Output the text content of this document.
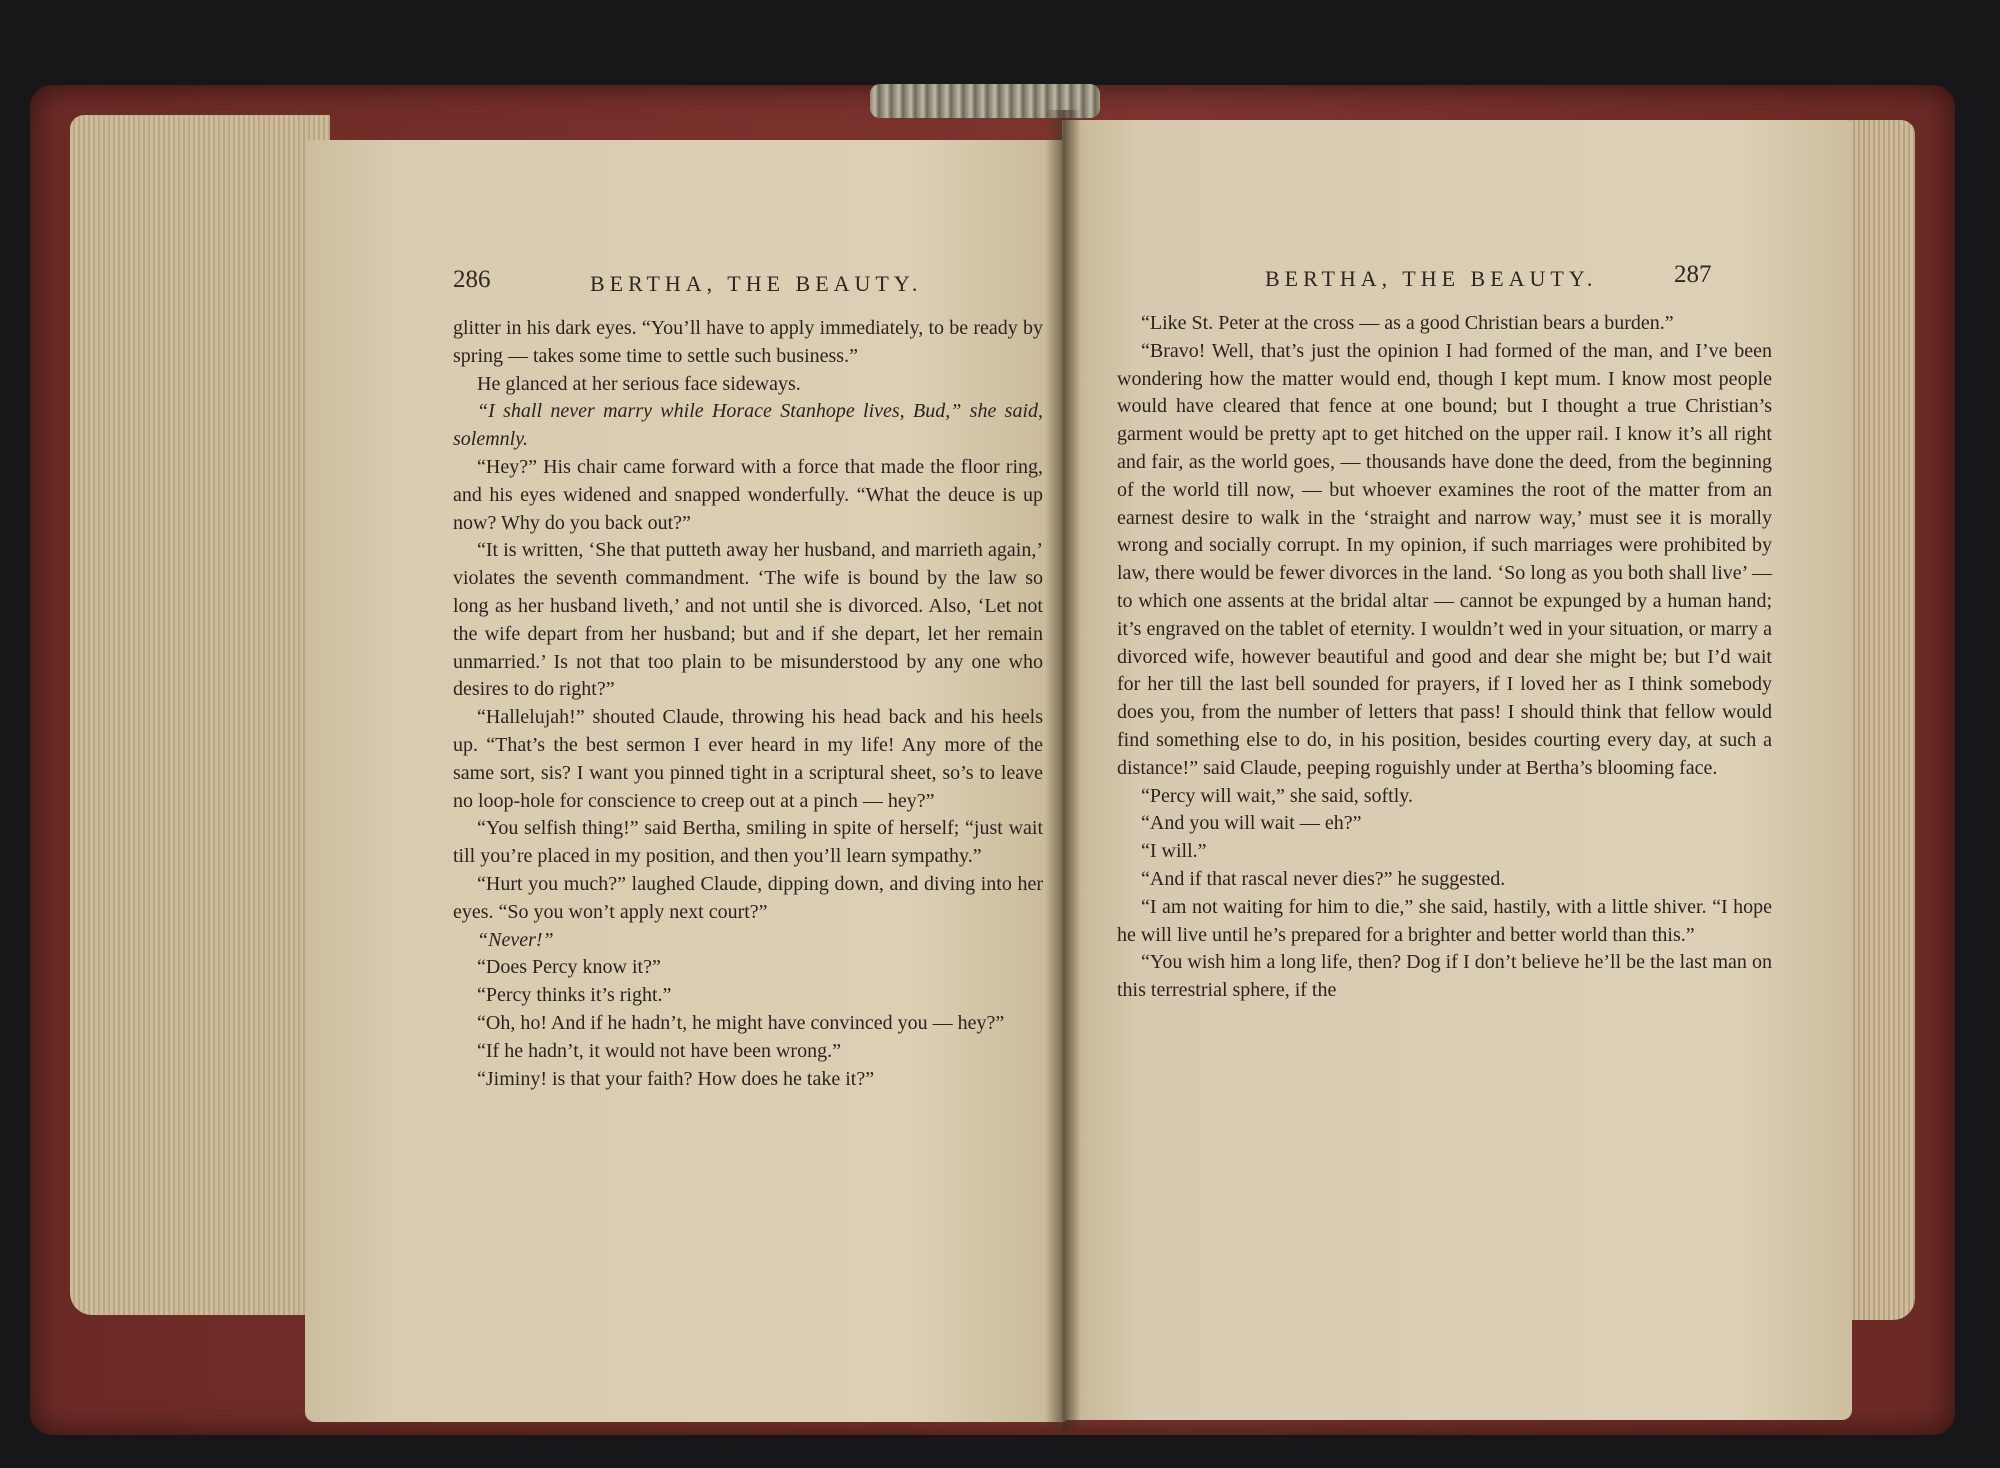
286	BERTHA, THE BEAUTY.

glitter in his dark eyes. “You’ll have to apply immediately, to be ready by spring — takes some time to settle such business.”

He glanced at her serious face sideways.

“I shall never marry while Horace Stanhope lives, Bud,” she said, solemnly.

“Hey?” His chair came forward with a force that made the floor ring, and his eyes widened and snapped wonderfully. “What the deuce is up now? Why do you back out?”

“It is written, ‘She that putteth away her husband, and marrieth again,’ violates the seventh commandment. ‘The wife is bound by the law so long as her husband liveth,’ and not until she is divorced. Also, ‘Let not the wife depart from her husband; but and if she depart, let her remain unmarried.’ Is not that too plain to be misunderstood by any one who desires to do right?”

“Hallelujah!” shouted Claude, throwing his head back and his heels up. “That’s the best sermon I ever heard in my life! Any more of the same sort, sis? I want you pinned tight in a scriptural sheet, so’s to leave no loop-hole for conscience to creep out at a pinch — hey?”

“You selfish thing!” said Bertha, smiling in spite of herself; “just wait till you’re placed in my position, and then you’ll learn sympathy.”

“Hurt you much?” laughed Claude, dipping down, and diving into her eyes. “So you won’t apply next court?”

“Never!”

“Does Percy know it?”

“Percy thinks it’s right.”

“Oh, ho! And if he hadn’t, he might have convinced you — hey?”

“If he hadn’t, it would not have been wrong.”

“Jiminy! is that your faith? How does he take it?”

BERTHA, THE BEAUTY.	287

“Like St. Peter at the cross — as a good Christian bears a burden.”

“Bravo! Well, that’s just the opinion I had formed of the man, and I’ve been wondering how the matter would end, though I kept mum. I know most people would have cleared that fence at one bound; but I thought a true Christian’s garment would be pretty apt to get hitched on the upper rail. I know it’s all right and fair, as the world goes, — thousands have done the deed, from the beginning of the world till now, — but whoever examines the root of the matter from an earnest desire to walk in the ‘straight and narrow way,’ must see it is morally wrong and socially corrupt. In my opinion, if such marriages were prohibited by law, there would be fewer divorces in the land. ‘So long as you both shall live’ — to which one assents at the bridal altar — cannot be expunged by a human hand; it’s engraved on the tablet of eternity. I wouldn’t wed in your situation, or marry a divorced wife, however beautiful and good and dear she might be; but I’d wait for her till the last bell sounded for prayers, if I loved her as I think somebody does you, from the number of letters that pass! I should think that fellow would find something else to do, in his position, besides courting every day, at such a distance!” said Claude, peeping roguishly under at Bertha’s blooming face.

“Percy will wait,” she said, softly.

“And you will wait — eh?”

“I will.”

“And if that rascal never dies?” he suggested.

“I am not waiting for him to die,” she said, hastily, with a little shiver. “I hope he will live until he’s prepared for a brighter and better world than this.”

“You wish him a long life, then? Dog if I don’t believe he’ll be the last man on this terrestrial sphere, if the
